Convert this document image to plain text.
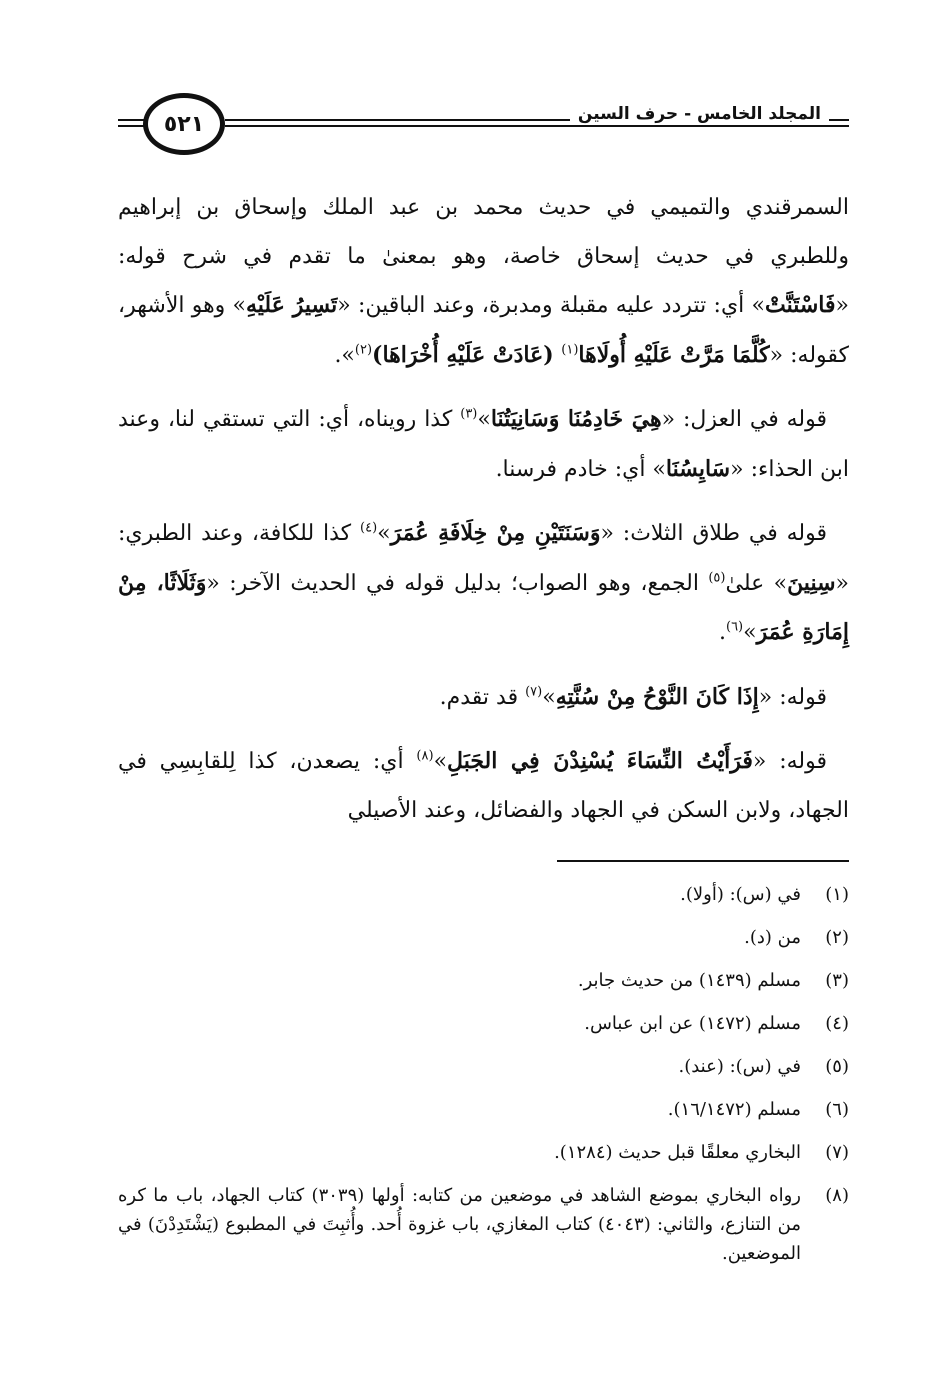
المجلد الخامس - حرف السين
٥٢١

السمرقندي والتميمي في حديث محمد بن عبد الملك وإسحاق بن إبراهيم وللطبري في حديث إسحاق خاصة، وهو بمعنىٰ ما تقدم في شرح قوله: «فَاسْتَنَّتْ» أي: تتردد عليه مقبلة ومدبرة، وعند الباقين: «تَسِيرُ عَلَيْهِ» وهو الأشهر، كقوله: «كُلَّمَا مَرَّتْ عَلَيْهِ أُولَاهَا$^{(١)}$ (عَادَتْ عَلَيْهِ أُخْرَاهَا)$^{(٢)}$».

قوله في العزل: «هِيَ خَادِمُنَا وَسَانِيَتُنَا»$^{(٣)}$ كذا رويناه، أي: التي تستقي لنا، وعند ابن الحذاء: «سَايِسُنَا» أي: خادم فرسنا.

قوله في طلاق الثلاث: «وَسَنَتَيْنِ مِنْ خِلَافَةِ عُمَرَ»$^{(٤)}$ كذا للكافة، وعند الطبري: «سِنِينَ» علىٰ$^{(٥)}$ الجمع، وهو الصواب؛ بدليل قوله في الحديث الآخر: «وَثَلَاثًا، مِنْ إِمَارَةِ عُمَرَ»$^{(٦)}$.

قوله: «إِذَا كَانَ النَّوْحُ مِنْ سُنَّتِهِ»$^{(٧)}$ قد تقدم.

قوله: «فَرَأَيْتُ النِّسَاءَ يُسْنِدْنَ فِي الجَبَلِ»$^{(٨)}$ أي: يصعدن، كذا لِلقابِسِي في الجهاد، ولابن السكن في الجهاد والفضائل، وعند الأصيلي

(١)
في (س): (أولا).
(٢)
من (د).
(٣)
مسلم (١٤٣٩) من حديث جابر.
(٤)
مسلم (١٤٧٢) عن ابن عباس.
(٥)
في (س): (عند).
(٦)
مسلم (١٦/١٤٧٢).
(٧)
البخاري معلقًا قبل حديث (١٢٨٤).
(٨)
رواه البخاري بموضع الشاهد في موضعين من كتابه: أولها (٣٠٣٩) كتاب الجهاد، باب ما كره من التنازع، والثاني: (٤٠٤٣) كتاب المغازي، باب غزوة أُحد. وأُثبِتَ في المطبوع (يَشْتَدِدْنَ) في الموضعين.
